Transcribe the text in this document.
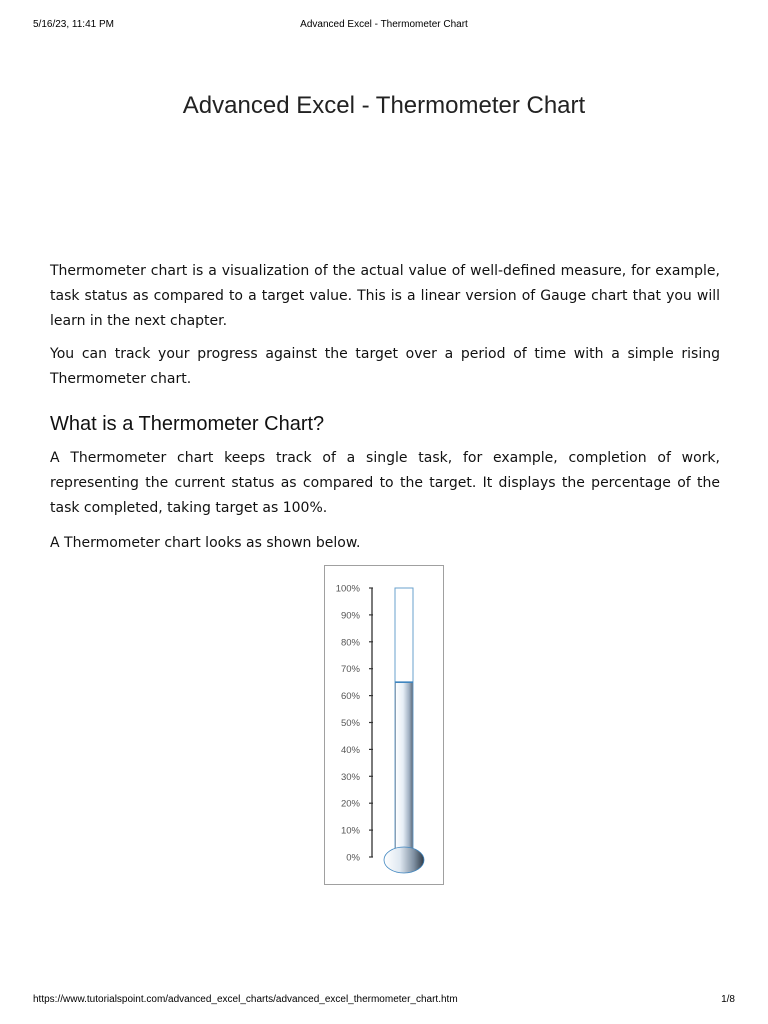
5/16/23, 11:41 PM	Advanced Excel - Thermometer Chart
Advanced Excel - Thermometer Chart

Thermometer chart is a visualization of the actual value of well-defined measure, for example, task status as compared to a target value. This is a linear version of Gauge chart that you will learn in the next chapter.

You can track your progress against the target over a period of time with a simple rising Thermometer chart.

What is a Thermometer Chart?

A Thermometer chart keeps track of a single task, for example, completion of work, representing the current status as compared to the target. It displays the percentage of the task completed, taking target as 100%.

A Thermometer chart looks as shown below.

0%
10%
20%
30%
40%
50%
60%
70%
80%
90%
100%
https://www.tutorialspoint.com/advanced_excel_charts/advanced_excel_thermometer_chart.htm	1/8
